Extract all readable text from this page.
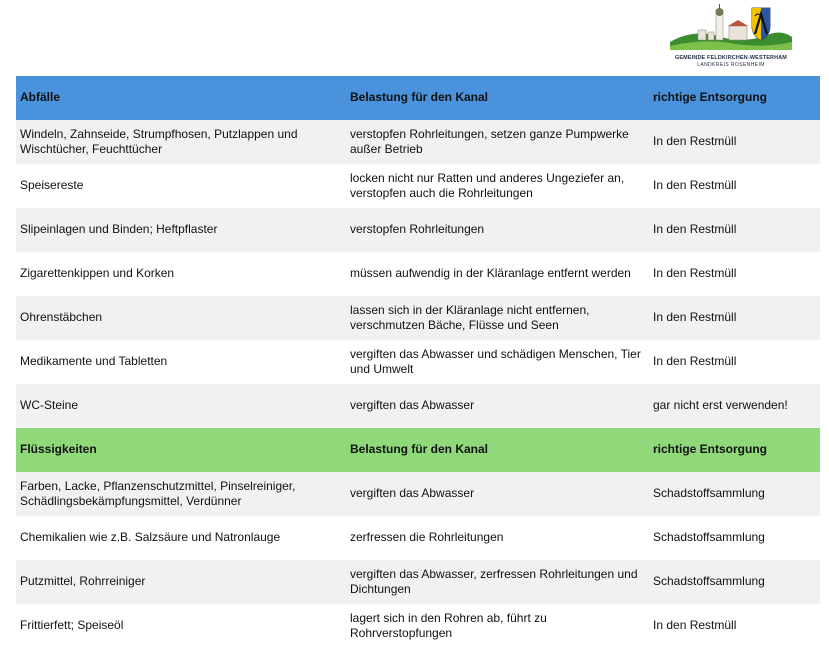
GEMEINDE FELDKIRCHEN-WESTERHAM
LANDKREIS ROSENHEIM
Abfälle	Belastung für den Kanal	richtige Entsorgung
Windeln, Zahnseide, Strumpfhosen, Putzlappen und Wischtücher, Feuchttücher	verstopfen Rohrleitungen, setzen ganze Pumpwerke außer Betrieb	In den Restmüll
Speisereste	locken nicht nur Ratten und anderes Ungeziefer an, verstopfen auch die Rohrleitungen	In den Restmüll
Slipeinlagen und Binden; Heftpflaster	verstopfen Rohrleitungen	In den Restmüll
Zigarettenkippen und Korken	müssen aufwendig in der Kläranlage entfernt werden	In den Restmüll
Ohrenstäbchen	lassen sich in der Kläranlage nicht entfernen, verschmutzen Bäche, Flüsse und Seen	In den Restmüll
Medikamente und Tabletten	vergiften das Abwasser und schädigen Menschen, Tier und Umwelt	In den Restmüll
WC-Steine	vergiften das Abwasser	gar nicht erst verwenden!
Flüssigkeiten	Belastung für den Kanal	richtige Entsorgung
Farben, Lacke, Pflanzenschutzmittel, Pinselreiniger, Schädlingsbekämpfungsmittel, Verdünner	vergiften das Abwasser	Schadstoffsammlung
Chemikalien wie z.B. Salzsäure und Natronlauge	zerfressen die Rohrleitungen	Schadstoffsammlung
Putzmittel, Rohrreiniger	vergiften das Abwasser, zerfressen Rohrleitungen und Dichtungen	Schadstoffsammlung
Frittierfett; Speiseöl	lagert sich in den Rohren ab, führt zu Rohrverstopfungen	In den Restmüll
